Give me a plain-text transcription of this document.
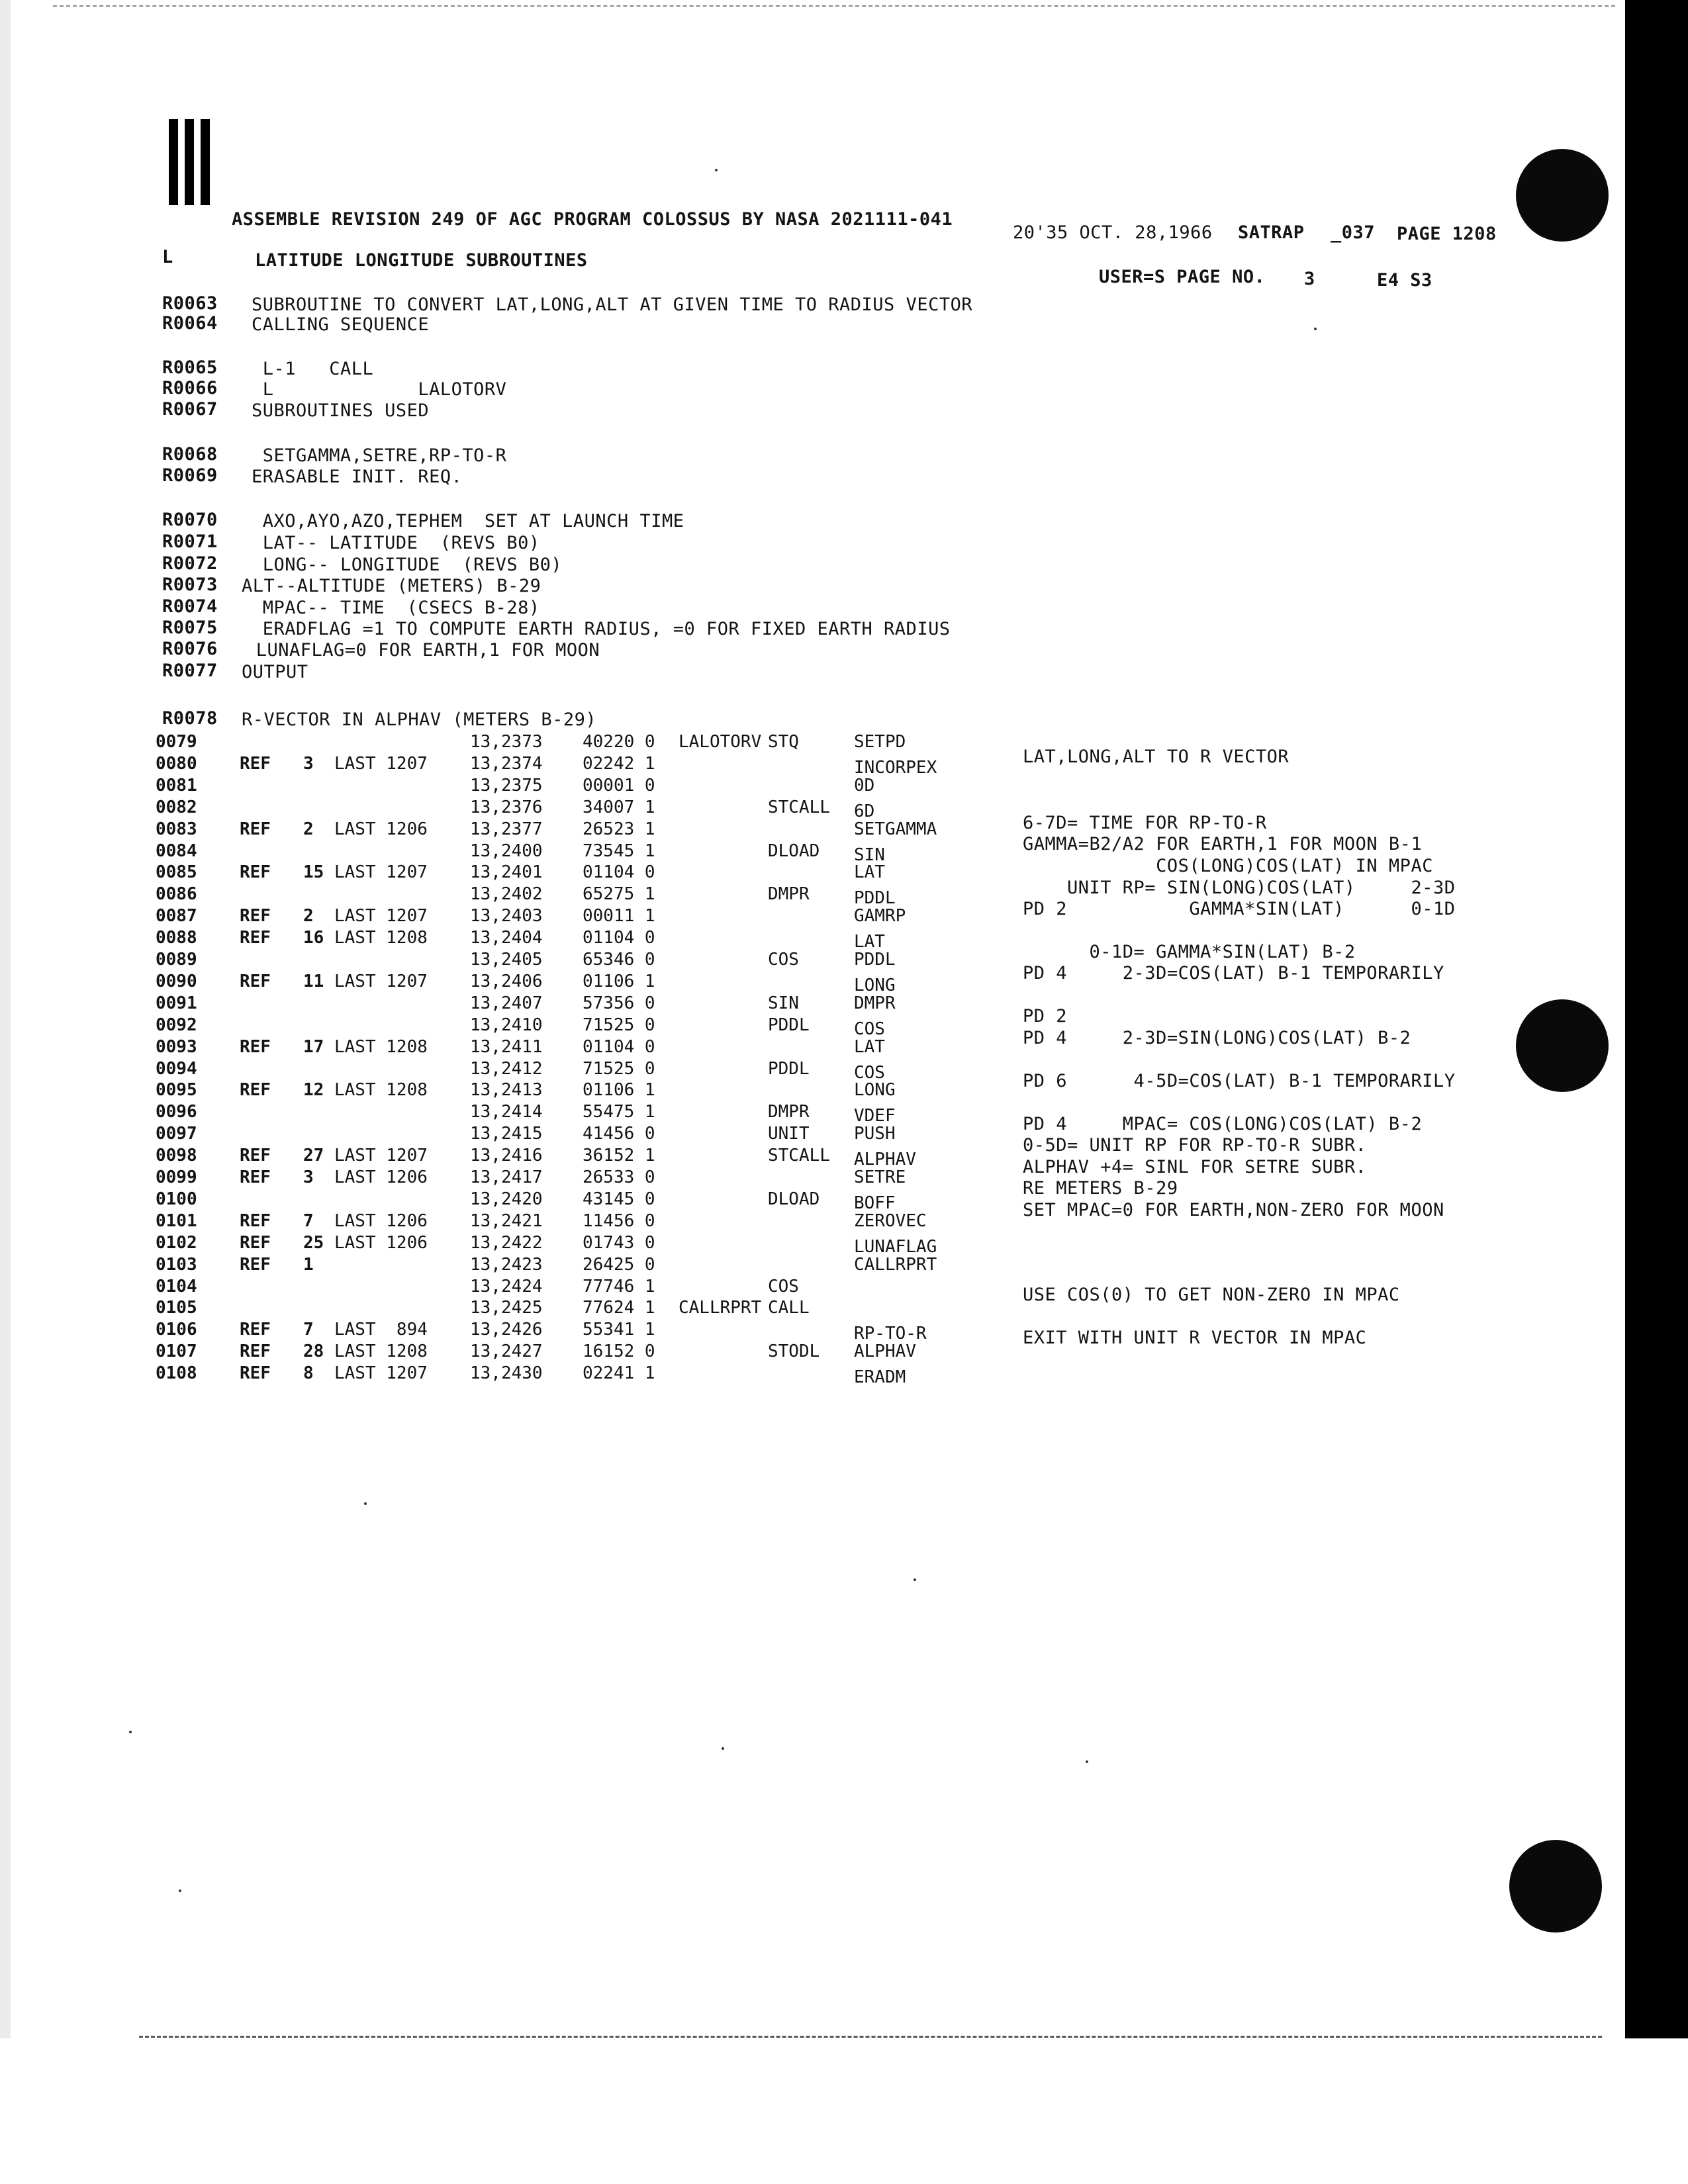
ASSEMBLE REVISION 249 OF AGC PROGRAM COLOSSUS BY NASA 2021111-041
20'35 OCT. 28,1966 SATRAP _037 PAGE 1208
L	LATITUDE LONGITUDE SUBROUTINES
USER=S PAGE NO. 3	E4 S3
R0063 SUBROUTINE TO CONVERT LAT,LONG,ALT AT GIVEN TIME TO RADIUS VECTOR
R0064 CALLING SEQUENCE
R0065 L-1   CALL
R0066 L             LALOTORV
R0067 SUBROUTINES USED
R0068 SETGAMMA,SETRE,RP-TO-R
R0069 ERASABLE INIT. REQ.
R0070 AXO,AYO,AZO,TEPHEM  SET AT LAUNCH TIME
R0071 LAT-- LATITUDE  (REVS B0)
R0072 LONG-- LONGITUDE  (REVS B0)
R0073 ALT--ALTITUDE (METERS) B-29
R0074 MPAC-- TIME  (CSECS B-28)
R0075 ERADFLAG =1 TO COMPUTE EARTH RADIUS, =0 FOR FIXED EARTH RADIUS
R0076 LUNAFLAG=0 FOR EARTH,1 FOR MOON
R0077 OUTPUT
R0078 R-VECTOR IN ALPHAV (METERS B-29)
0079	13,2373 40220 0 LALOTORV STQ	SETPD
0080 REF 3 LAST 1207 13,2374 02242 1	INCORPEX
0081	13,2375 00001 0	0D
0082	13,2376 34007 1	STCALL 6D
0083 REF 2 LAST 1206 13,2377 26523 1	SETGAMMA
0084	13,2400 73545 1	DLOAD SIN
0085 REF 15 LAST 1207 13,2401 01104 0	LAT
0086	13,2402 65275 1	DMPR	PDDL
0087 REF 2 LAST 1207 13,2403 00011 1	GAMRP
0088 REF 16 LAST 1208 13,2404 01104 0	LAT
0089	13,2405 65346 0	COS	PDDL
0090 REF 11 LAST 1207 13,2406 01106 1	LONG
0091	13,2407 57356 0	SIN	DMPR
0092	13,2410 71525 0	PDDL	COS
0093 REF 17 LAST 1208 13,2411 01104 0	LAT
0094	13,2412 71525 0	PDDL	COS
0095 REF 12 LAST 1208 13,2413 01106 1	LONG
0096	13,2414 55475 1	DMPR	VDEF
0097	13,2415 41456 0	UNIT	PUSH
0098 REF 27 LAST 1207 13,2416 36152 1	STCALL ALPHAV
0099 REF 3 LAST 1206 13,2417 26533 0	SETRE
0100	13,2420 43145 0	DLOAD BOFF
0101 REF 7 LAST 1206 13,2421 11456 0	ZEROVEC
0102 REF 25 LAST 1206 13,2422 01743 0	LUNAFLAG
0103 REF 1	13,2423 26425 0	CALLRPRT
0104	13,2424 77746 1	COS
0105	13,2425 77624 1 CALLRPRT CALL
0106 REF 7 LAST  894 13,2426 55341 1	RP-TO-R
0107 REF 28 LAST 1208 13,2427 16152 0	STODL ALPHAV
0108 REF 8 LAST 1207 13,2430 02241 1	ERADM
LAT,LONG,ALT TO R VECTOR
6-7D= TIME FOR RP-TO-R
GAMMA=B2/A2 FOR EARTH,1 FOR MOON B-1
COS(LONG)COS(LAT) IN MPAC
UNIT RP= SIN(LONG)COS(LAT)     2-3D
PD 2           GAMMA*SIN(LAT)      0-1D
0-1D= GAMMA*SIN(LAT) B-2
PD 4     2-3D=COS(LAT) B-1 TEMPORARILY
PD 2
PD 4     2-3D=SIN(LONG)COS(LAT) B-2
PD 6      4-5D=COS(LAT) B-1 TEMPORARILY
PD 4     MPAC= COS(LONG)COS(LAT) B-2
0-5D= UNIT RP FOR RP-TO-R SUBR.
ALPHAV +4= SINL FOR SETRE SUBR.
RE METERS B-29
SET MPAC=0 FOR EARTH,NON-ZERO FOR MOON
USE COS(0) TO GET NON-ZERO IN MPAC
EXIT WITH UNIT R VECTOR IN MPAC
